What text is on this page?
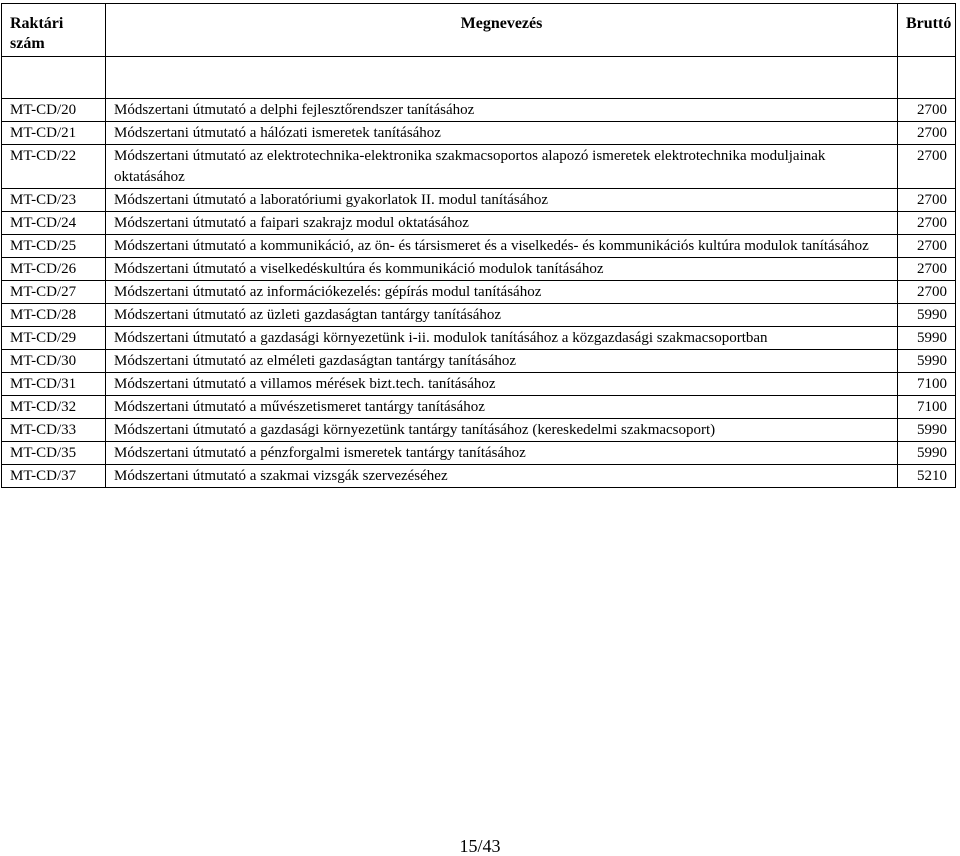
Raktári szám	Megnevezés	Bruttó

MT-CD/20	Módszertani útmutató a delphi fejlesztőrendszer tanításához	2700
MT-CD/21	Módszertani útmutató a hálózati ismeretek tanításához	2700
MT-CD/22	Módszertani útmutató az elektrotechnika-elektronika szakmacsoportos alapozó ismeretek elektrotechnika moduljainak oktatásához	2700
MT-CD/23	Módszertani útmutató a laboratóriumi gyakorlatok II. modul tanításához	2700
MT-CD/24	Módszertani útmutató a faipari szakrajz modul oktatásához	2700
MT-CD/25	Módszertani útmutató a kommunikáció, az ön- és társismeret és a viselkedés- és kommunikációs kultúra modulok tanításához	2700
MT-CD/26	Módszertani útmutató a viselkedéskultúra és kommunikáció modulok tanításához	2700
MT-CD/27	Módszertani útmutató az információkezelés: gépírás modul tanításához	2700
MT-CD/28	Módszertani útmutató az üzleti gazdaságtan tantárgy tanításához	5990
MT-CD/29	Módszertani útmutató a gazdasági környezetünk i-ii. modulok tanításához a közgazdasági szakmacsoportban	5990
MT-CD/30	Módszertani útmutató az elméleti gazdaságtan tantárgy tanításához	5990
MT-CD/31	Módszertani útmutató a villamos mérések bizt.tech. tanításához	7100
MT-CD/32	Módszertani útmutató a művészetismeret tantárgy tanításához	7100
MT-CD/33	Módszertani útmutató a gazdasági környezetünk tantárgy tanításához (kereskedelmi szakmacsoport)	5990
MT-CD/35	Módszertani útmutató a pénzforgalmi ismeretek tantárgy tanításához	5990
MT-CD/37	Módszertani útmutató a szakmai vizsgák szervezéséhez	5210
15/43
